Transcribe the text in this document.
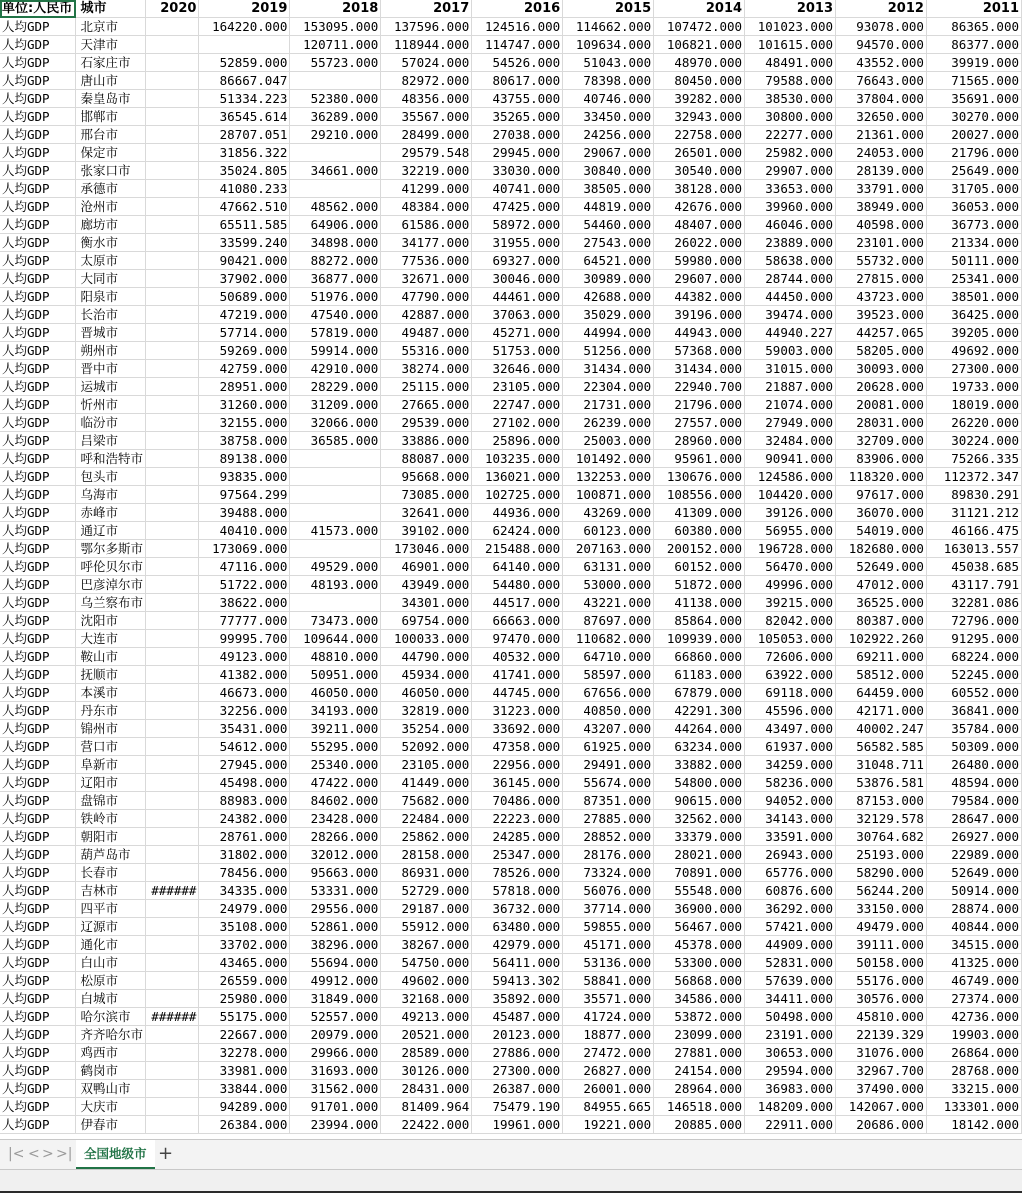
单位:人民币	城市	2020	2019	2018	2017	2016	2015	2014	2013	2012	2011
人均GDP	北京市		164220.000	153095.000	137596.000	124516.000	114662.000	107472.000	101023.000	93078.000	86365.000
人均GDP	天津市			120711.000	118944.000	114747.000	109634.000	106821.000	101615.000	94570.000	86377.000
人均GDP	石家庄市		52859.000	55723.000	57024.000	54526.000	51043.000	48970.000	48491.000	43552.000	39919.000
人均GDP	唐山市		86667.047		82972.000	80617.000	78398.000	80450.000	79588.000	76643.000	71565.000
人均GDP	秦皇岛市		51334.223	52380.000	48356.000	43755.000	40746.000	39282.000	38530.000	37804.000	35691.000
人均GDP	邯郸市		36545.614	36289.000	35567.000	35265.000	33450.000	32943.000	30800.000	32650.000	30270.000
人均GDP	邢台市		28707.051	29210.000	28499.000	27038.000	24256.000	22758.000	22277.000	21361.000	20027.000
人均GDP	保定市		31856.322		29579.548	29945.000	29067.000	26501.000	25982.000	24053.000	21796.000
人均GDP	张家口市		35024.805	34661.000	32219.000	33030.000	30840.000	30540.000	29907.000	28139.000	25649.000
人均GDP	承德市		41080.233		41299.000	40741.000	38505.000	38128.000	33653.000	33791.000	31705.000
人均GDP	沧州市		47662.510	48562.000	48384.000	47425.000	44819.000	42676.000	39960.000	38949.000	36053.000
人均GDP	廊坊市		65511.585	64906.000	61586.000	58972.000	54460.000	48407.000	46046.000	40598.000	36773.000
人均GDP	衡水市		33599.240	34898.000	34177.000	31955.000	27543.000	26022.000	23889.000	23101.000	21334.000
人均GDP	太原市		90421.000	88272.000	77536.000	69327.000	64521.000	59980.000	58638.000	55732.000	50111.000
人均GDP	大同市		37902.000	36877.000	32671.000	30046.000	30989.000	29607.000	28744.000	27815.000	25341.000
人均GDP	阳泉市		50689.000	51976.000	47790.000	44461.000	42688.000	44382.000	44450.000	43723.000	38501.000
人均GDP	长治市		47219.000	47540.000	42887.000	37063.000	35029.000	39196.000	39474.000	39523.000	36425.000
人均GDP	晋城市		57714.000	57819.000	49487.000	45271.000	44994.000	44943.000	44940.227	44257.065	39205.000
人均GDP	朔州市		59269.000	59914.000	55316.000	51753.000	51256.000	57368.000	59003.000	58205.000	49692.000
人均GDP	晋中市		42759.000	42910.000	38274.000	32646.000	31434.000	31434.000	31015.000	30093.000	27300.000
人均GDP	运城市		28951.000	28229.000	25115.000	23105.000	22304.000	22940.700	21887.000	20628.000	19733.000
人均GDP	忻州市		31260.000	31209.000	27665.000	22747.000	21731.000	21796.000	21074.000	20081.000	18019.000
人均GDP	临汾市		32155.000	32066.000	29539.000	27102.000	26239.000	27557.000	27949.000	28031.000	26220.000
人均GDP	吕梁市		38758.000	36585.000	33886.000	25896.000	25003.000	28960.000	32484.000	32709.000	30224.000
人均GDP	呼和浩特市		89138.000		88087.000	103235.000	101492.000	95961.000	90941.000	83906.000	75266.335
人均GDP	包头市		93835.000		95668.000	136021.000	132253.000	130676.000	124586.000	118320.000	112372.347
人均GDP	乌海市		97564.299		73085.000	102725.000	100871.000	108556.000	104420.000	97617.000	89830.291
人均GDP	赤峰市		39488.000		32641.000	44936.000	43269.000	41309.000	39126.000	36070.000	31121.212
人均GDP	通辽市		40410.000	41573.000	39102.000	62424.000	60123.000	60380.000	56955.000	54019.000	46166.475
人均GDP	鄂尔多斯市		173069.000		173046.000	215488.000	207163.000	200152.000	196728.000	182680.000	163013.557
人均GDP	呼伦贝尔市		47116.000	49529.000	46901.000	64140.000	63131.000	60152.000	56470.000	52649.000	45038.685
人均GDP	巴彦淖尔市		51722.000	48193.000	43949.000	54480.000	53000.000	51872.000	49996.000	47012.000	43117.791
人均GDP	乌兰察布市		38622.000		34301.000	44517.000	43221.000	41138.000	39215.000	36525.000	32281.086
人均GDP	沈阳市		77777.000	73473.000	69754.000	66663.000	87697.000	85864.000	82042.000	80387.000	72796.000
人均GDP	大连市		99995.700	109644.000	100033.000	97470.000	110682.000	109939.000	105053.000	102922.260	91295.000
人均GDP	鞍山市		49123.000	48810.000	44790.000	40532.000	64710.000	66860.000	72606.000	69211.000	68224.000
人均GDP	抚顺市		41382.000	50951.000	45934.000	41741.000	58597.000	61183.000	63922.000	58512.000	52245.000
人均GDP	本溪市		46673.000	46050.000	46050.000	44745.000	67656.000	67879.000	69118.000	64459.000	60552.000
人均GDP	丹东市		32256.000	34193.000	32819.000	31223.000	40850.000	42291.300	45596.000	42171.000	36841.000
人均GDP	锦州市		35431.000	39211.000	35254.000	33692.000	43207.000	44264.000	43497.000	40002.247	35784.000
人均GDP	营口市		54612.000	55295.000	52092.000	47358.000	61925.000	63234.000	61937.000	56582.585	50309.000
人均GDP	阜新市		27945.000	25340.000	23105.000	22956.000	29491.000	33882.000	34259.000	31048.711	26480.000
人均GDP	辽阳市		45498.000	47422.000	41449.000	36145.000	55674.000	54800.000	58236.000	53876.581	48594.000
人均GDP	盘锦市		88983.000	84602.000	75682.000	70486.000	87351.000	90615.000	94052.000	87153.000	79584.000
人均GDP	铁岭市		24382.000	23428.000	22484.000	22223.000	27885.000	32562.000	34143.000	32129.578	28647.000
人均GDP	朝阳市		28761.000	28266.000	25862.000	24285.000	28852.000	33379.000	33591.000	30764.682	26927.000
人均GDP	葫芦岛市		31802.000	32012.000	28158.000	25347.000	28176.000	28021.000	26943.000	25193.000	22989.000
人均GDP	长春市		78456.000	95663.000	86931.000	78526.000	73324.000	70891.000	65776.000	58290.000	52649.000
人均GDP	吉林市	######	34335.000	53331.000	52729.000	57818.000	56076.000	55548.000	60876.600	56244.200	50914.000
人均GDP	四平市		24979.000	29556.000	29187.000	36732.000	37714.000	36900.000	36292.000	33150.000	28874.000
人均GDP	辽源市		35108.000	52861.000	55912.000	63480.000	59855.000	56467.000	57421.000	49479.000	40844.000
人均GDP	通化市		33702.000	38296.000	38267.000	42979.000	45171.000	45378.000	44909.000	39111.000	34515.000
人均GDP	白山市		43465.000	55694.000	54750.000	56411.000	53136.000	53300.000	52831.000	50158.000	41325.000
人均GDP	松原市		26559.000	49912.000	49602.000	59413.302	58841.000	56868.000	57639.000	55176.000	46749.000
人均GDP	白城市		25980.000	31849.000	32168.000	35892.000	35571.000	34586.000	34411.000	30576.000	27374.000
人均GDP	哈尔滨市	######	55175.000	52557.000	49213.000	45487.000	41724.000	53872.000	50498.000	45810.000	42736.000
人均GDP	齐齐哈尔市		22667.000	20979.000	20521.000	20123.000	18877.000	23099.000	23191.000	22139.329	19903.000
人均GDP	鸡西市		32278.000	29966.000	28589.000	27886.000	27472.000	27881.000	30653.000	31076.000	26864.000
人均GDP	鹤岗市		33981.000	31693.000	30126.000	27300.000	26827.000	24154.000	29594.000	32967.700	28768.000
人均GDP	双鸭山市		33844.000	31562.000	28431.000	26387.000	26001.000	28964.000	36983.000	37490.000	33215.000
人均GDP	大庆市		94289.000	91701.000	81409.964	75479.190	84955.665	146518.000	148209.000	142067.000	133301.000
人均GDP	伊春市		26384.000	23994.000	22422.000	19961.000	19221.000	20885.000	22911.000	20686.000	18142.000
|< < > >| 全国地级市 +
